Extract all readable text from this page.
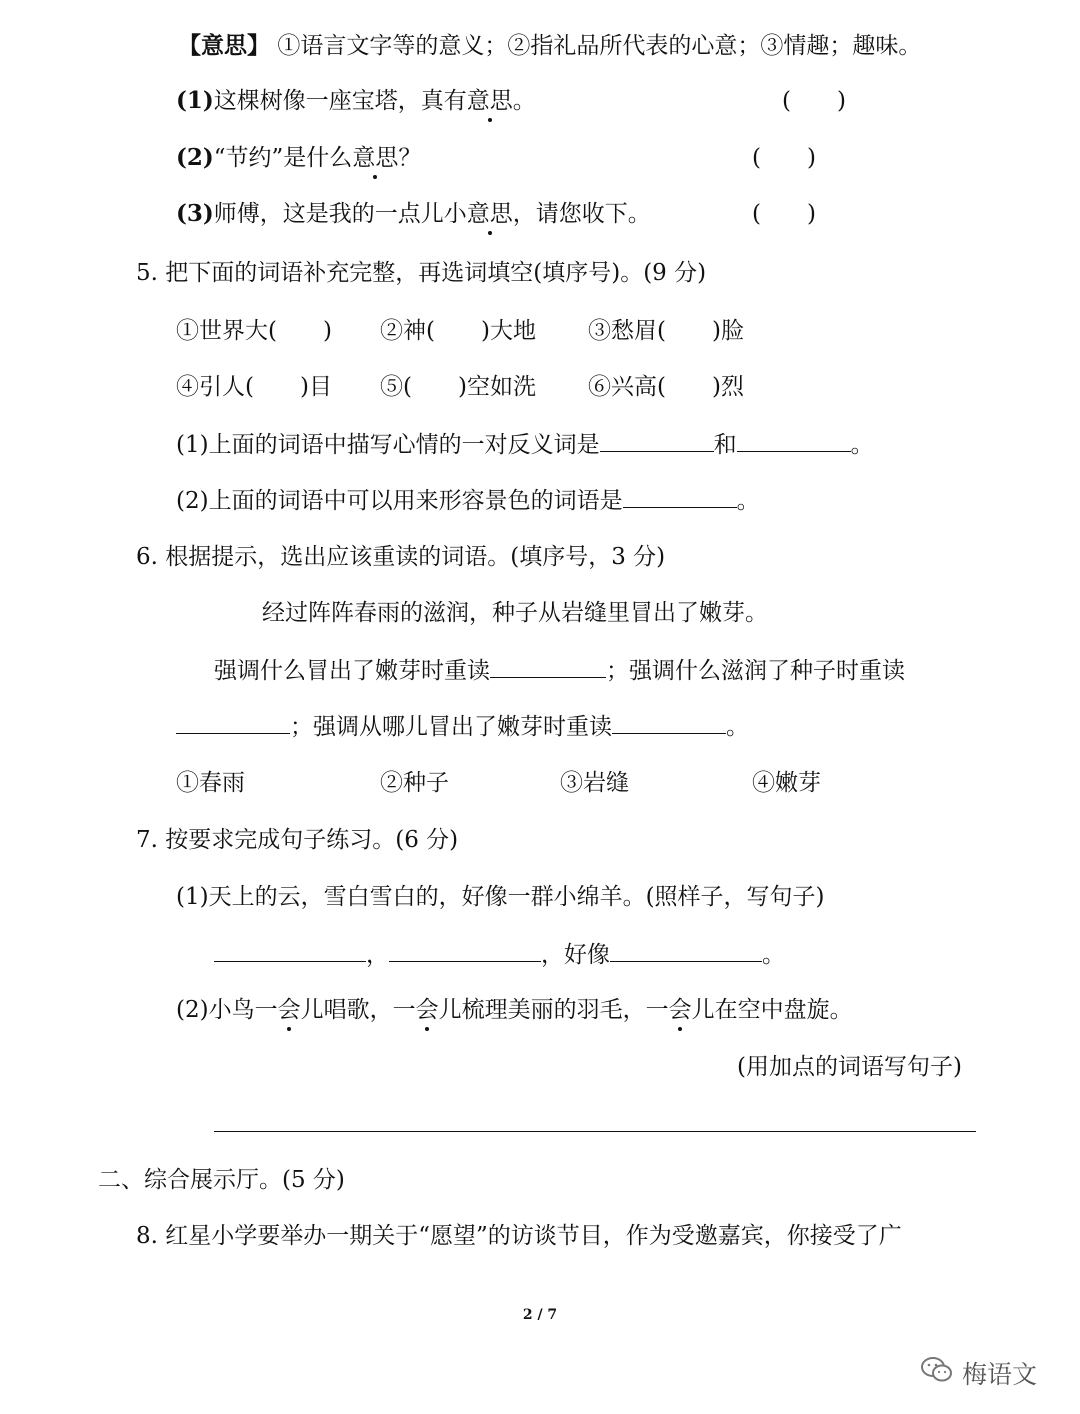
【意思】 ①语言文字等的意义；②指礼品所代表的心意；③情趣；趣味。
(1)这棵树像一座宝塔，真有意思。	(　　)
(2)“节约”是什么意思？	(　　)
(3)师傅，这是我的一点儿小意思，请您收下。	(　　)
5. 把下面的词语补充完整，再选词填空(填序号)。(9 分)
①世界大(　　) ②神(　　)大地 ③愁眉(　　)脸
④引人(　　)目 ⑤(　　)空如洗 ⑥兴高(　　)烈
(1)上面的词语中描写心情的一对反义词是	和	。
(2)上面的词语中可以用来形容景色的词语是	。
6. 根据提示，选出应该重读的词语。(填序号，3 分)
经过阵阵春雨的滋润，种子从岩缝里冒出了嫩芽。
强调什么冒出了嫩芽时重读	；强调什么滋润了种子时重读
；强调从哪儿冒出了嫩芽时重读	。
①春雨	②种子	③岩缝	④嫩芽
7. 按要求完成句子练习。(6 分)
(1)天上的云，雪白雪白的，好像一群小绵羊。(照样子，写句子)
，	，好像	。
(2)小鸟一会儿唱歌，一会儿梳理美丽的羽毛，一会儿在空中盘旋。
(用加点的词语写句子)
二、综合展示厅。(5 分)
8. 红星小学要举办一期关于“愿望”的访谈节目，作为受邀嘉宾，你接受了广
2 / 7
梅语文
